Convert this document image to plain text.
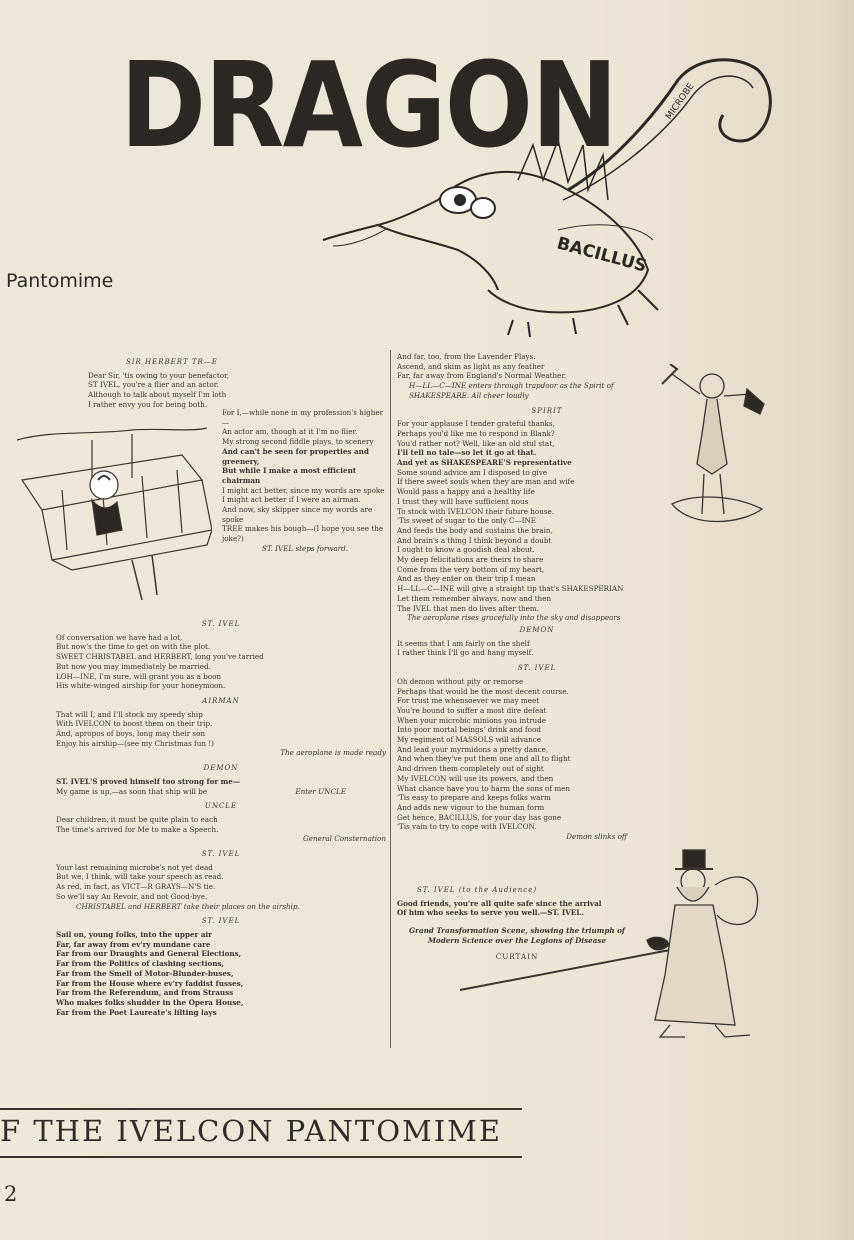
DRAGON
BACILLUS
MICROBE
Pantomime
SIR HERBERT TR—E
Dear Sir, 'tis owing to your benefactor,
ST IVEL, you're a flier and an actor.
Although to talk about myself I'm loth
I rather envy you for being both.
For I,—while none in my profession's higher—
An actor am, though at it I'm no flier.
My strong second fiddle plays, to scenery
And can't be seen for properties and greenery,
But while I make a most efficient chairman
I might act better, since my words are spoke
I might act better if I were an airman.
And now, sky skipper since my words are spoke
TREE makes his bough—(I hope you see the joke?)
ST. IVEL steps forward.
ST. IVEL
Of conversation we have had a lot,
But now's the time to get on with the plot.
SWEET CHRISTABEL and HERBERT, long you've tarried
But now you may immediately be married.
LOH—INE, I'm sure, will grant you as a boon
His white-winged airship for your honeymoon.
AIRMAN
That will I, and I'll stock my speedy ship
With IVELCON to boost them on their trip.
And, apropos of boys, long may their son
Enjoy his airship—(see my Christmas fun !)
The aeroplane is made ready
DEMON
ST. IVEL'S proved himself too strong for me—
My game is up,—as soon that ship will be	Enter UNCLE
UNCLE
Dear children, it must be quite plain to each
The time's arrived for Me to make a Speech.
General Consternation
ST. IVEL
Your last remaining microbe's not yet dead
But we, I think, will take your speech as read.
As red, in fact, as VICT—R GRAYS—N'S tie.
So we'll say Au Revoir, and not Good-bye.
CHRISTABEL and HERBERT take their places on the airship.
ST. IVEL
Sail on, young folks, into the upper air
Far, far away from ev'ry mundane care
Far from our Draughts and General Elections,
Far from the Politics of clashing sections,
Far from the Smell of Motor-Blunder-buses,
Far from the House where ev'ry faddist fusses,
Far from the Referendum, and from Strauss
Who makes folks shudder in the Opera House,
Far from the Poet Laureate's lilting lays
And far, too, from the Lavender Plays.
Ascend, and skim as light as any feather
Far, far away from England's Normal Weather.
H—LL—C—INE enters through trapdoor as the Spirit of SHAKESPEARE. All cheer loudly
SPIRIT
For your applause I tender grateful thanks,
Perhaps you'd like me to respond in Blank?
You'd rather not? Well, like an old stul stat,
I'll tell no tale—so let it go at that.
And yet as SHAKESPEARE'S representative
Some sound advice am I disposed to give
If there sweet souls when they are man and wife
Would pass a happy and a healthy life
I trust they will have sufficient nous
To stock with IVELCON their future house.
'Tis sweet of sugar to the only C—INE
And feeds the body and sustains the brain,
And brain's a thing I think beyond a doubt
I ought to know a goodish deal about.
My deep felicitations are theirs to share
Come from the very bottom of my heart,
And as they enter on their trip I mean
H—LL—C—INE will give a straight tip that's SHAKESPERIAN
Let them remember always, now and then
The IVEL that men do lives after them.
The aeroplane rises gracefully into the sky and disappears
DEMON
It seems that I am fairly on the shelf
I rather think I'll go and hang myself.
ST. IVEL
Oh demon without pity or remorse
Perhaps that would be the most decent course.
For trust me whensoever we may meet
You're bound to suffer a most dire defeat
When your microbic minions you intrude
Into poor mortal beings' drink and food
My regiment of MASSOLS will advance
And lead your myrmidons a pretty dance,
And when they've put them one and all to flight
And driven them completely out of sight
My IVELCON will use its powers, and then
What chance have you to harm the sons of men
'Tis easy to prepare and keeps folks warm
And adds new vigour to the human form
Get hence, BACILLUS, for your day has gone
'Tis vain to try to cope with IVELCON.
Demon slinks off
ST. IVEL (to the Audience)
Good friends, you're all quite safe since the arrival
Of him who seeks to serve you well.—ST. IVEL.
Grand Transformation Scene, showing the triumph of Modern Science over the Legions of Disease
CURTAIN
F THE IVELCON PANTOMIME
2
